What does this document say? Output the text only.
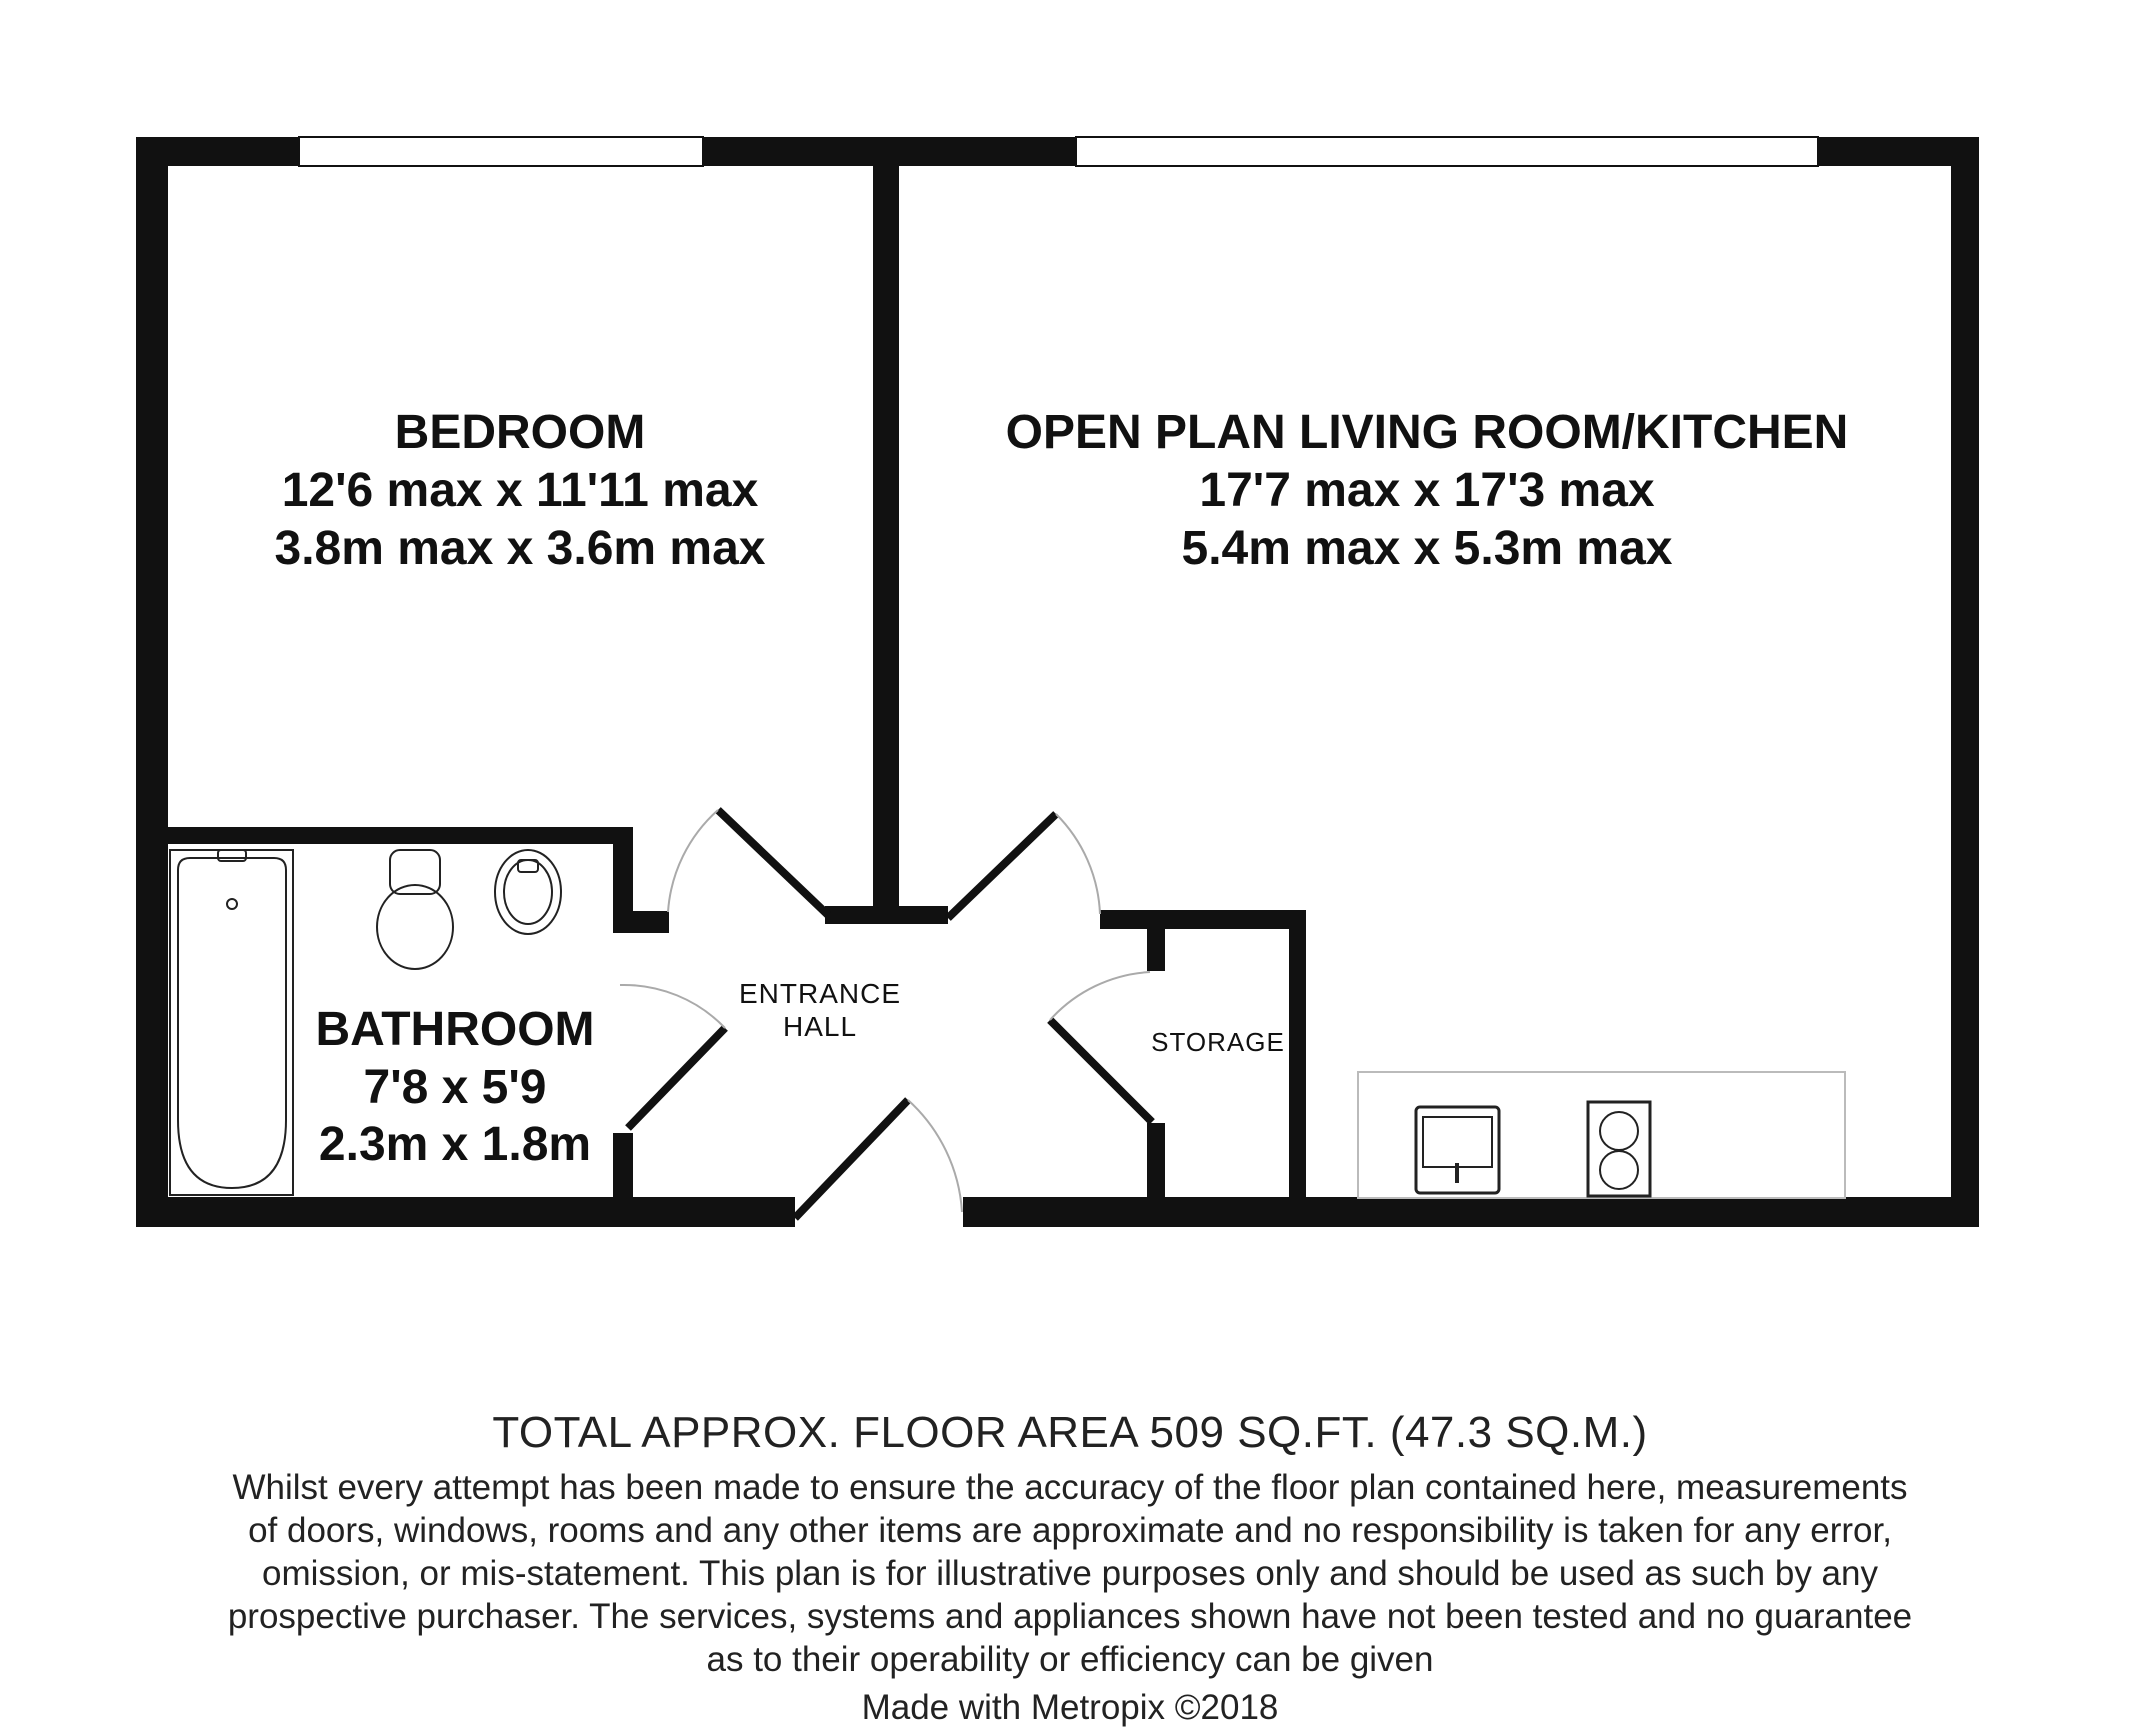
BEDROOM
12'6 max x 11'11 max
3.8m max x 3.6m max
OPEN PLAN LIVING ROOM/KITCHEN
17'7 max x 17'3 max
5.4m max x 5.3m max
BATHROOM
7'8 x 5'9
2.3m x 1.8m
ENTRANCE
HALL	STORAGE
TOTAL APPROX. FLOOR AREA 509 SQ.FT. (47.3 SQ.M.)
Whilst every attempt has been made to ensure the accuracy of the floor plan contained here, measurements
of doors, windows, rooms and any other items are approximate and no responsibility is taken for any error,
omission, or mis-statement. This plan is for illustrative purposes only and should be used as such by any
prospective purchaser. The services, systems and appliances shown have not been tested and no guarantee
as to their operability or efficiency can be given
Made with Metropix ©2018
